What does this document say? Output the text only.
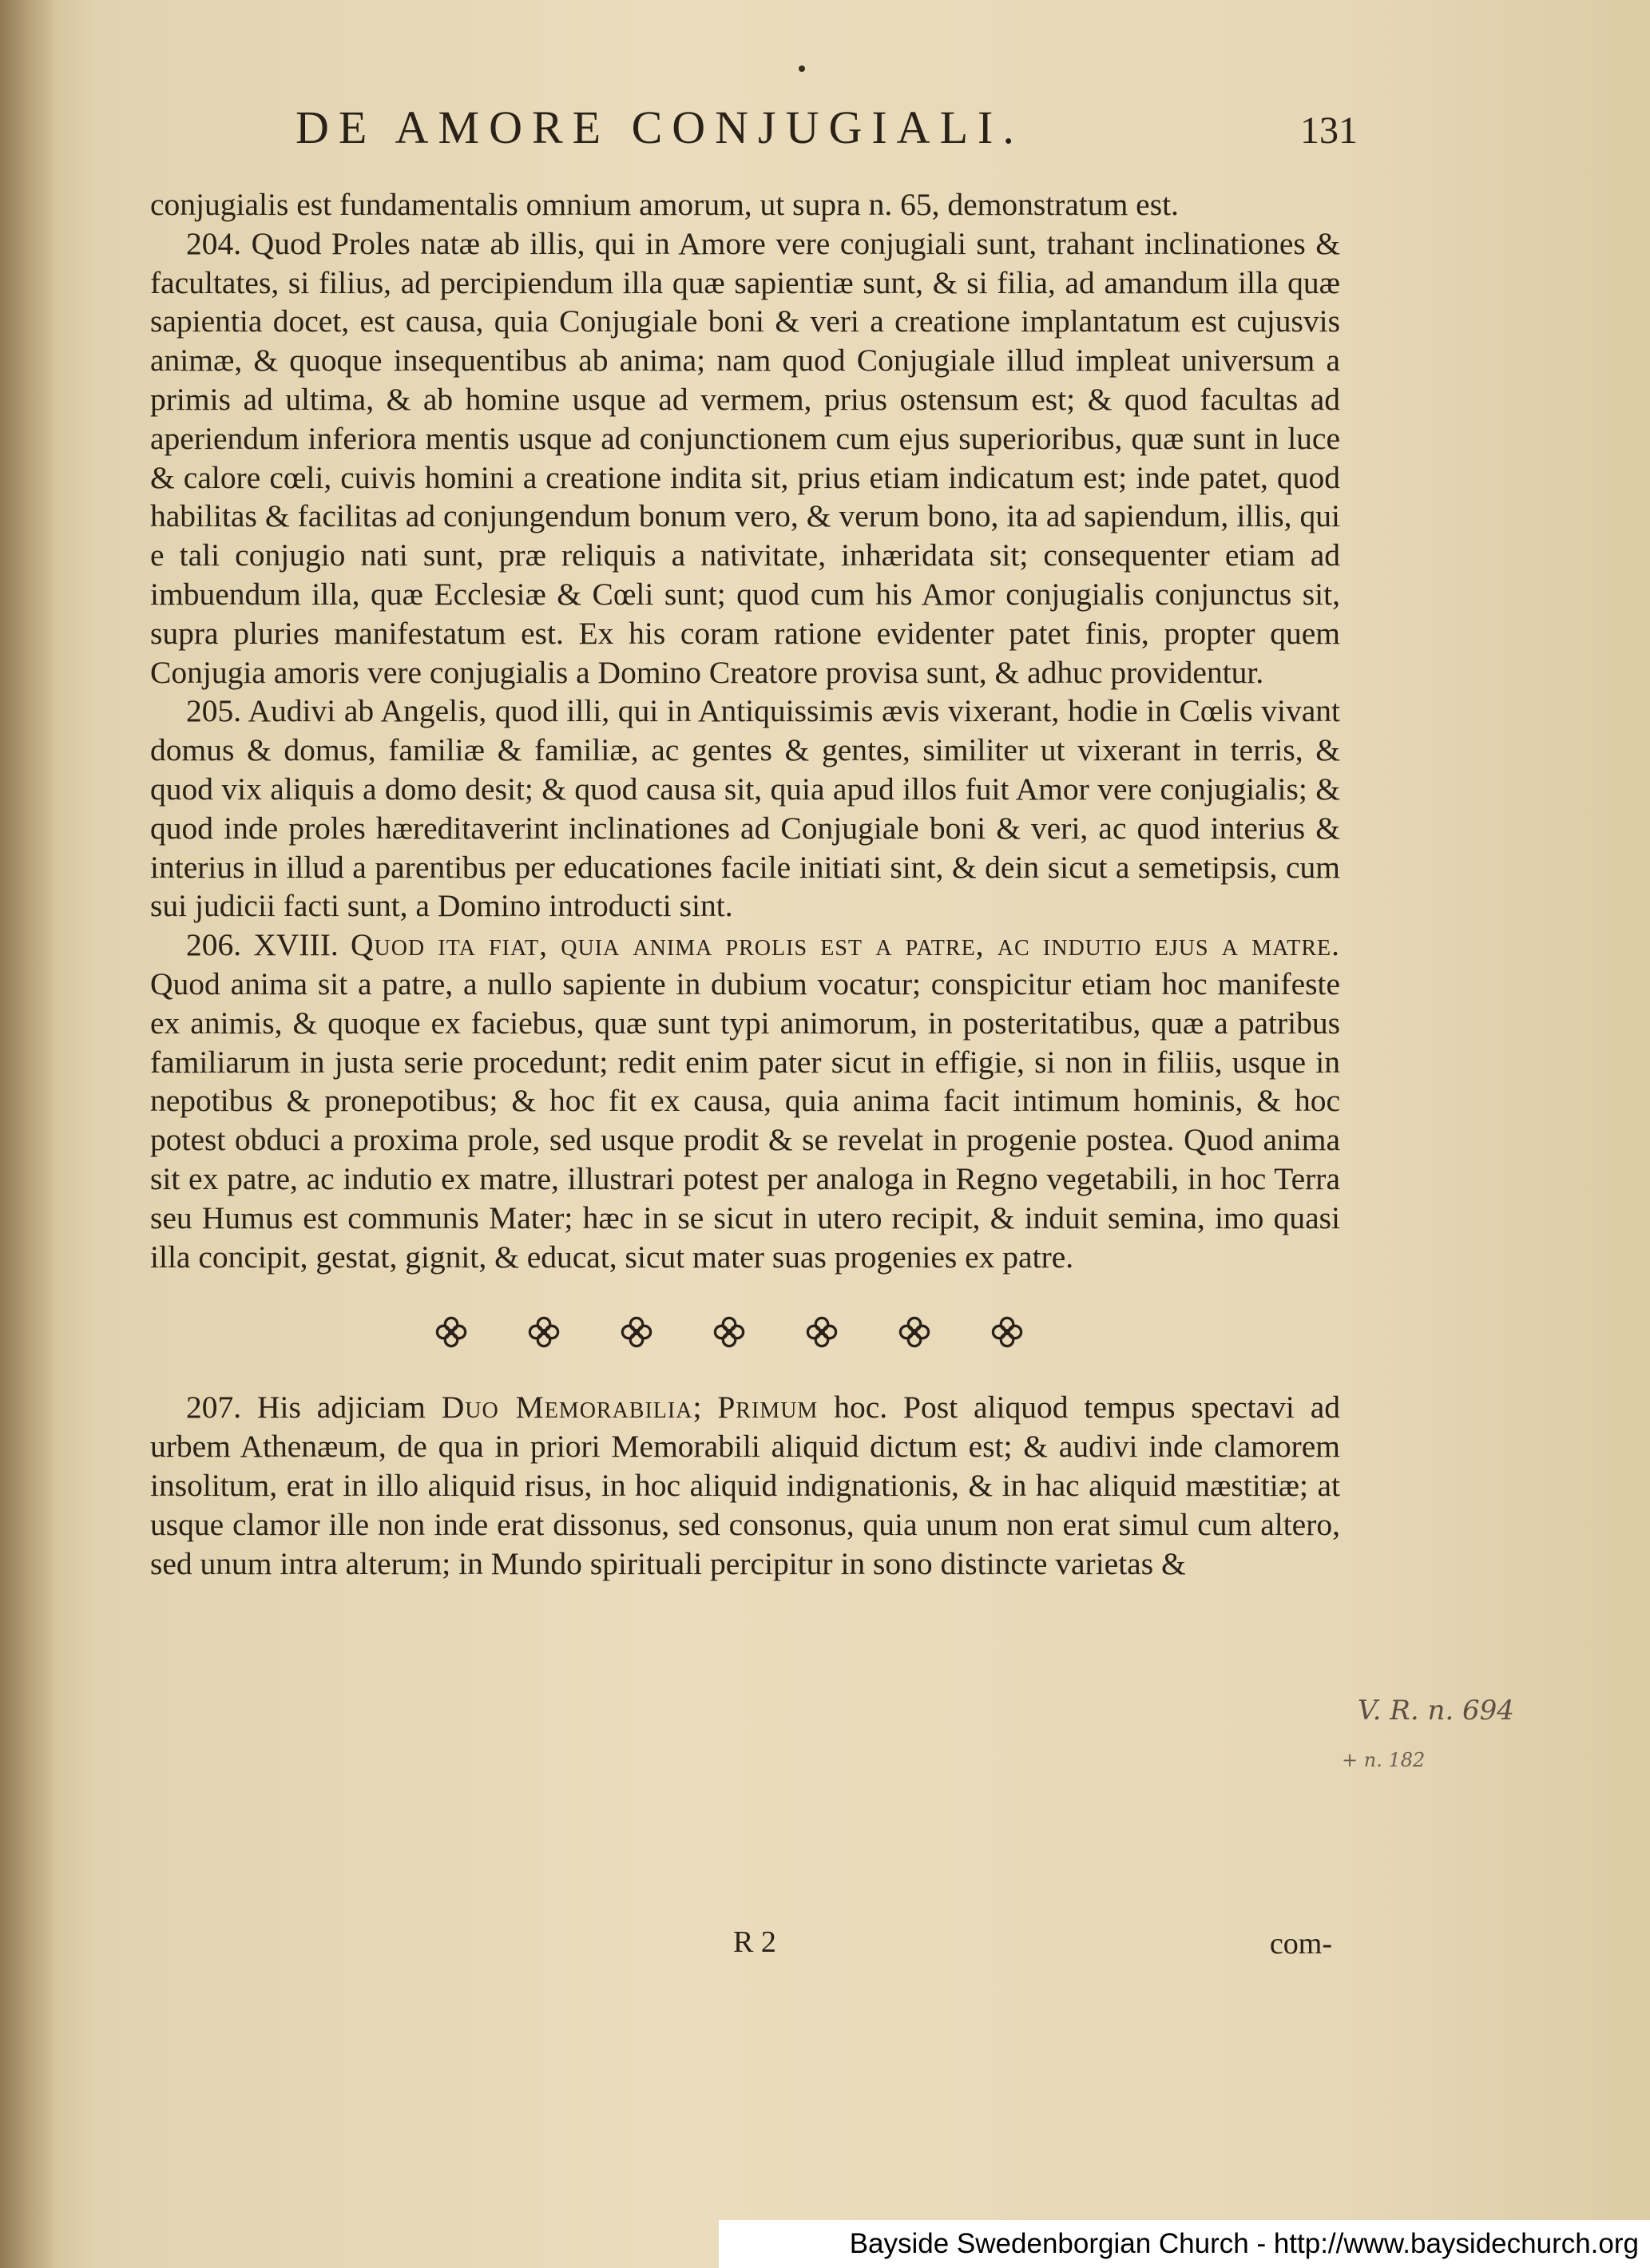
DE AMORE CONJUGIALI.	131

conjugialis est fundamentalis omnium amorum, ut supra n. 65, demonstratum est.

204. Quod Proles natæ ab illis, qui in Amore vere conjugiali sunt, trahant inclinationes & facultates, si filius, ad percipiendum illa quæ sapientiæ sunt, & si filia, ad amandum illa quæ sapientia docet, est causa, quia Conjugiale boni & veri a creatione implantatum est cujusvis animæ, & quoque insequentibus ab anima; nam quod Conjugiale illud impleat universum a primis ad ultima, & ab homine usque ad vermem, prius ostensum est; & quod facultas ad aperiendum inferiora mentis usque ad conjunctionem cum ejus superioribus, quæ sunt in luce & calore cœli, cuivis homini a creatione indita sit, prius etiam indicatum est; inde patet, quod habilitas & facilitas ad conjungendum bonum vero, & verum bono, ita ad sapiendum, illis, qui e tali conjugio nati sunt, præ reliquis a nativitate, inhæridata sit; consequenter etiam ad imbuendum illa, quæ Ecclesiæ & Cœli sunt; quod cum his Amor conjugialis conjunctus sit, supra pluries manifestatum est. Ex his coram ratione evidenter patet finis, propter quem Conjugia amoris vere conjugialis a Domino Creatore provisa sunt, & adhuc providentur.

205. Audivi ab Angelis, quod illi, qui in Antiquissimis ævis vixerant, hodie in Cœlis vivant domus & domus, familiæ & familiæ, ac gentes & gentes, similiter ut vixerant in terris, & quod vix aliquis a domo desit; & quod causa sit, quia apud illos fuit Amor vere conjugialis; & quod inde proles hæreditaverint inclinationes ad Conjugiale boni & veri, ac quod interius & interius in illud a parentibus per educationes facile initiati sint, & dein sicut a semetipsis, cum sui judicii facti sunt, a Domino introducti sint.

206. XVIII. Quod ita fiat, quia anima prolis est a patre, ac indutio ejus a matre. Quod anima sit a patre, a nullo sapiente in dubium vocatur; conspicitur etiam hoc manifeste ex animis, & quoque ex faciebus, quæ sunt typi animorum, in posteritatibus, quæ a patribus familiarum in justa serie procedunt; redit enim pater sicut in effigie, si non in filiis, usque in nepotibus & pronepotibus; & hoc fit ex causa, quia anima facit intimum hominis, & hoc potest obduci a proxima prole, sed usque prodit & se revelat in progenie postea. Quod anima sit ex patre, ac indutio ex matre, illustrari potest per analoga in Regno vegetabili, in hoc Terra seu Humus est communis Mater; hæc in se sicut in utero recipit, & induit semina, imo quasi illa concipit, gestat, gignit, & educat, sicut mater suas progenies ex patre.

207. His adjiciam Duo Memorabilia; Primum hoc. Post aliquod tempus spectavi ad urbem Athenæum, de qua in priori Memorabili aliquid dictum est; & audivi inde clamorem insolitum, erat in illo aliquid risus, in hoc aliquid indignationis, & in hac aliquid mæstitiæ; at usque clamor ille non inde erat dissonus, sed consonus, quia unum non erat simul cum altero, sed unum intra alterum; in Mundo spirituali percipitur in sono distincte varietas &

R 2	com-
V. R. n. 694
+ n. 182
Bayside Swedenborgian Church - http://www.baysidechurch.org
